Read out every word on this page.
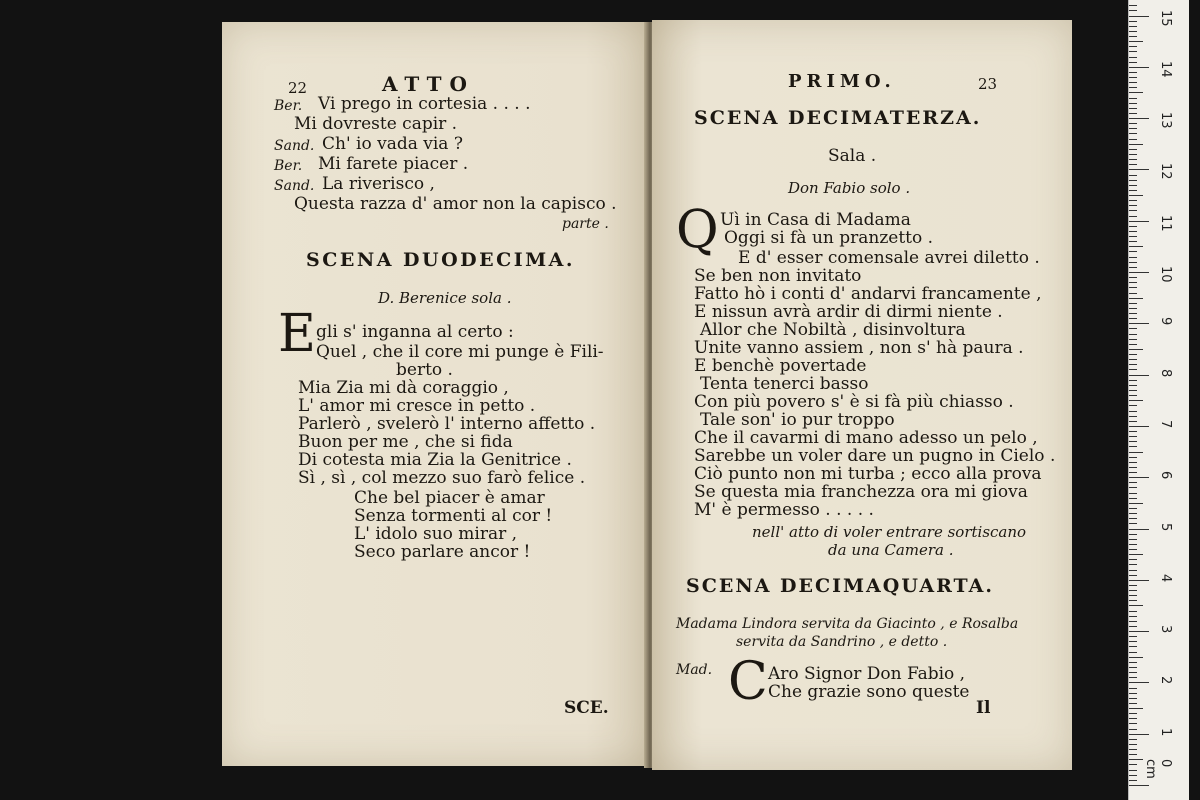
22	ATTO
Ber. Vi prego in cortesia . . . .
Mi dovreste capir .
Sand. Ch' io vada via ?
Ber. Mi farete piacer .
Sand. La riverisco ,
Questa razza d' amor non la capisco .
parte .
SCENA DUODECIMA.
D. Berenice sola .
E gli s' inganna al certo :
Quel , che il core mi punge è Fili-
berto .
Mia Zia mi dà coraggio ,
L' amor mi cresce in petto .
Parlerò , svelerò l' interno affetto .
Buon per me , che si fida
Di cotesta mia Zia la Genitrice .
Sì , sì , col mezzo suo farò felice .
Che bel piacer è amar
Senza tormenti al cor !
L' idolo suo mirar ,
Seco parlare ancor !
SCE.
PRIMO.	23
SCENA DECIMATERZA.
Sala .
Don Fabio solo .
Q Uì in Casa di Madama
Oggi si fà un pranzetto .
E d' esser comensale avrei diletto .
Se ben non invitato
Fatto hò i conti d' andarvi francamente ,
E nissun avrà ardir di dirmi niente .
Allor che Nobiltà , disinvoltura
Unite vanno assiem , non s' hà paura .
E benchè povertade
Tenta tenerci basso
Con più povero s' è si fà più chiasso .
Tale son' io pur troppo
Che il cavarmi di mano adesso un pelo ,
Sarebbe un voler dare un pugno in Cielo .
Ciò punto non mi turba ; ecco alla prova
Se questa mia franchezza ora mi giova
M' è permesso . . . . .
nell' atto di voler entrare sortiscano
da una Camera .
SCENA DECIMAQUARTA.
Madama Lindora servita da Giacinto , e Rosalba
servita da Sandrino , e detto .
Mad. C Aro Signor Don Fabio ,
Che grazie sono queste
Il
0 cm
1
2
3
4
5
6
7
8
9
10
11
12
13
14
15
